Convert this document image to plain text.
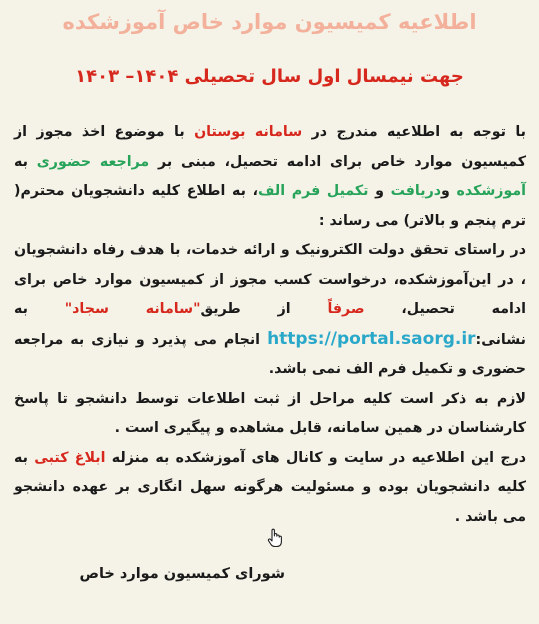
اطلاعیه کمیسیون موارد خاص آموزشکده
جهت نیمسال اول سال تحصیلی ۱۴۰۴– ۱۴۰۳

با توجه به اطلاعیه مندرج در سامانه بوستان با موضوع اخذ مجوز از کمیسیون موارد خاص برای ادامه تحصیل، مبنی بر مراجعه حضوری به آموزشکده ودریافت و تکمیل فرم الف، به اطلاع کلیه دانشجویان محترم( ترم پنجم و بالاتر) می رساند :

در راستای تحقق دولت الکترونیک و ارائه خدمات، با هدف رفاه دانشجویان ، در این‌آموزشکده، درخواست کسب مجوز از کمیسیون موارد خاص برای ادامه تحصیل، صرفاً از طریق"سامانه سجاد" به نشانی:https://portal.saorg.ir انجام می پذیرد و نیازی به مراجعه حضوری و تکمیل فرم الف نمی باشد.

لازم به ذکر است کلیه مراحل از ثبت اطلاعات توسط دانشجو تا پاسخ کارشناسان در همین سامانه، قابل مشاهده و پیگیری است .

درج این اطلاعیه در سایت و کانال های آموزشکده به منزله ابلاغ کتبی به کلیه دانشجویان بوده و مسئولیت هرگونه سهل انگاری بر عهده دانشجو می باشد .

شورای کمیسیون موارد خاص
